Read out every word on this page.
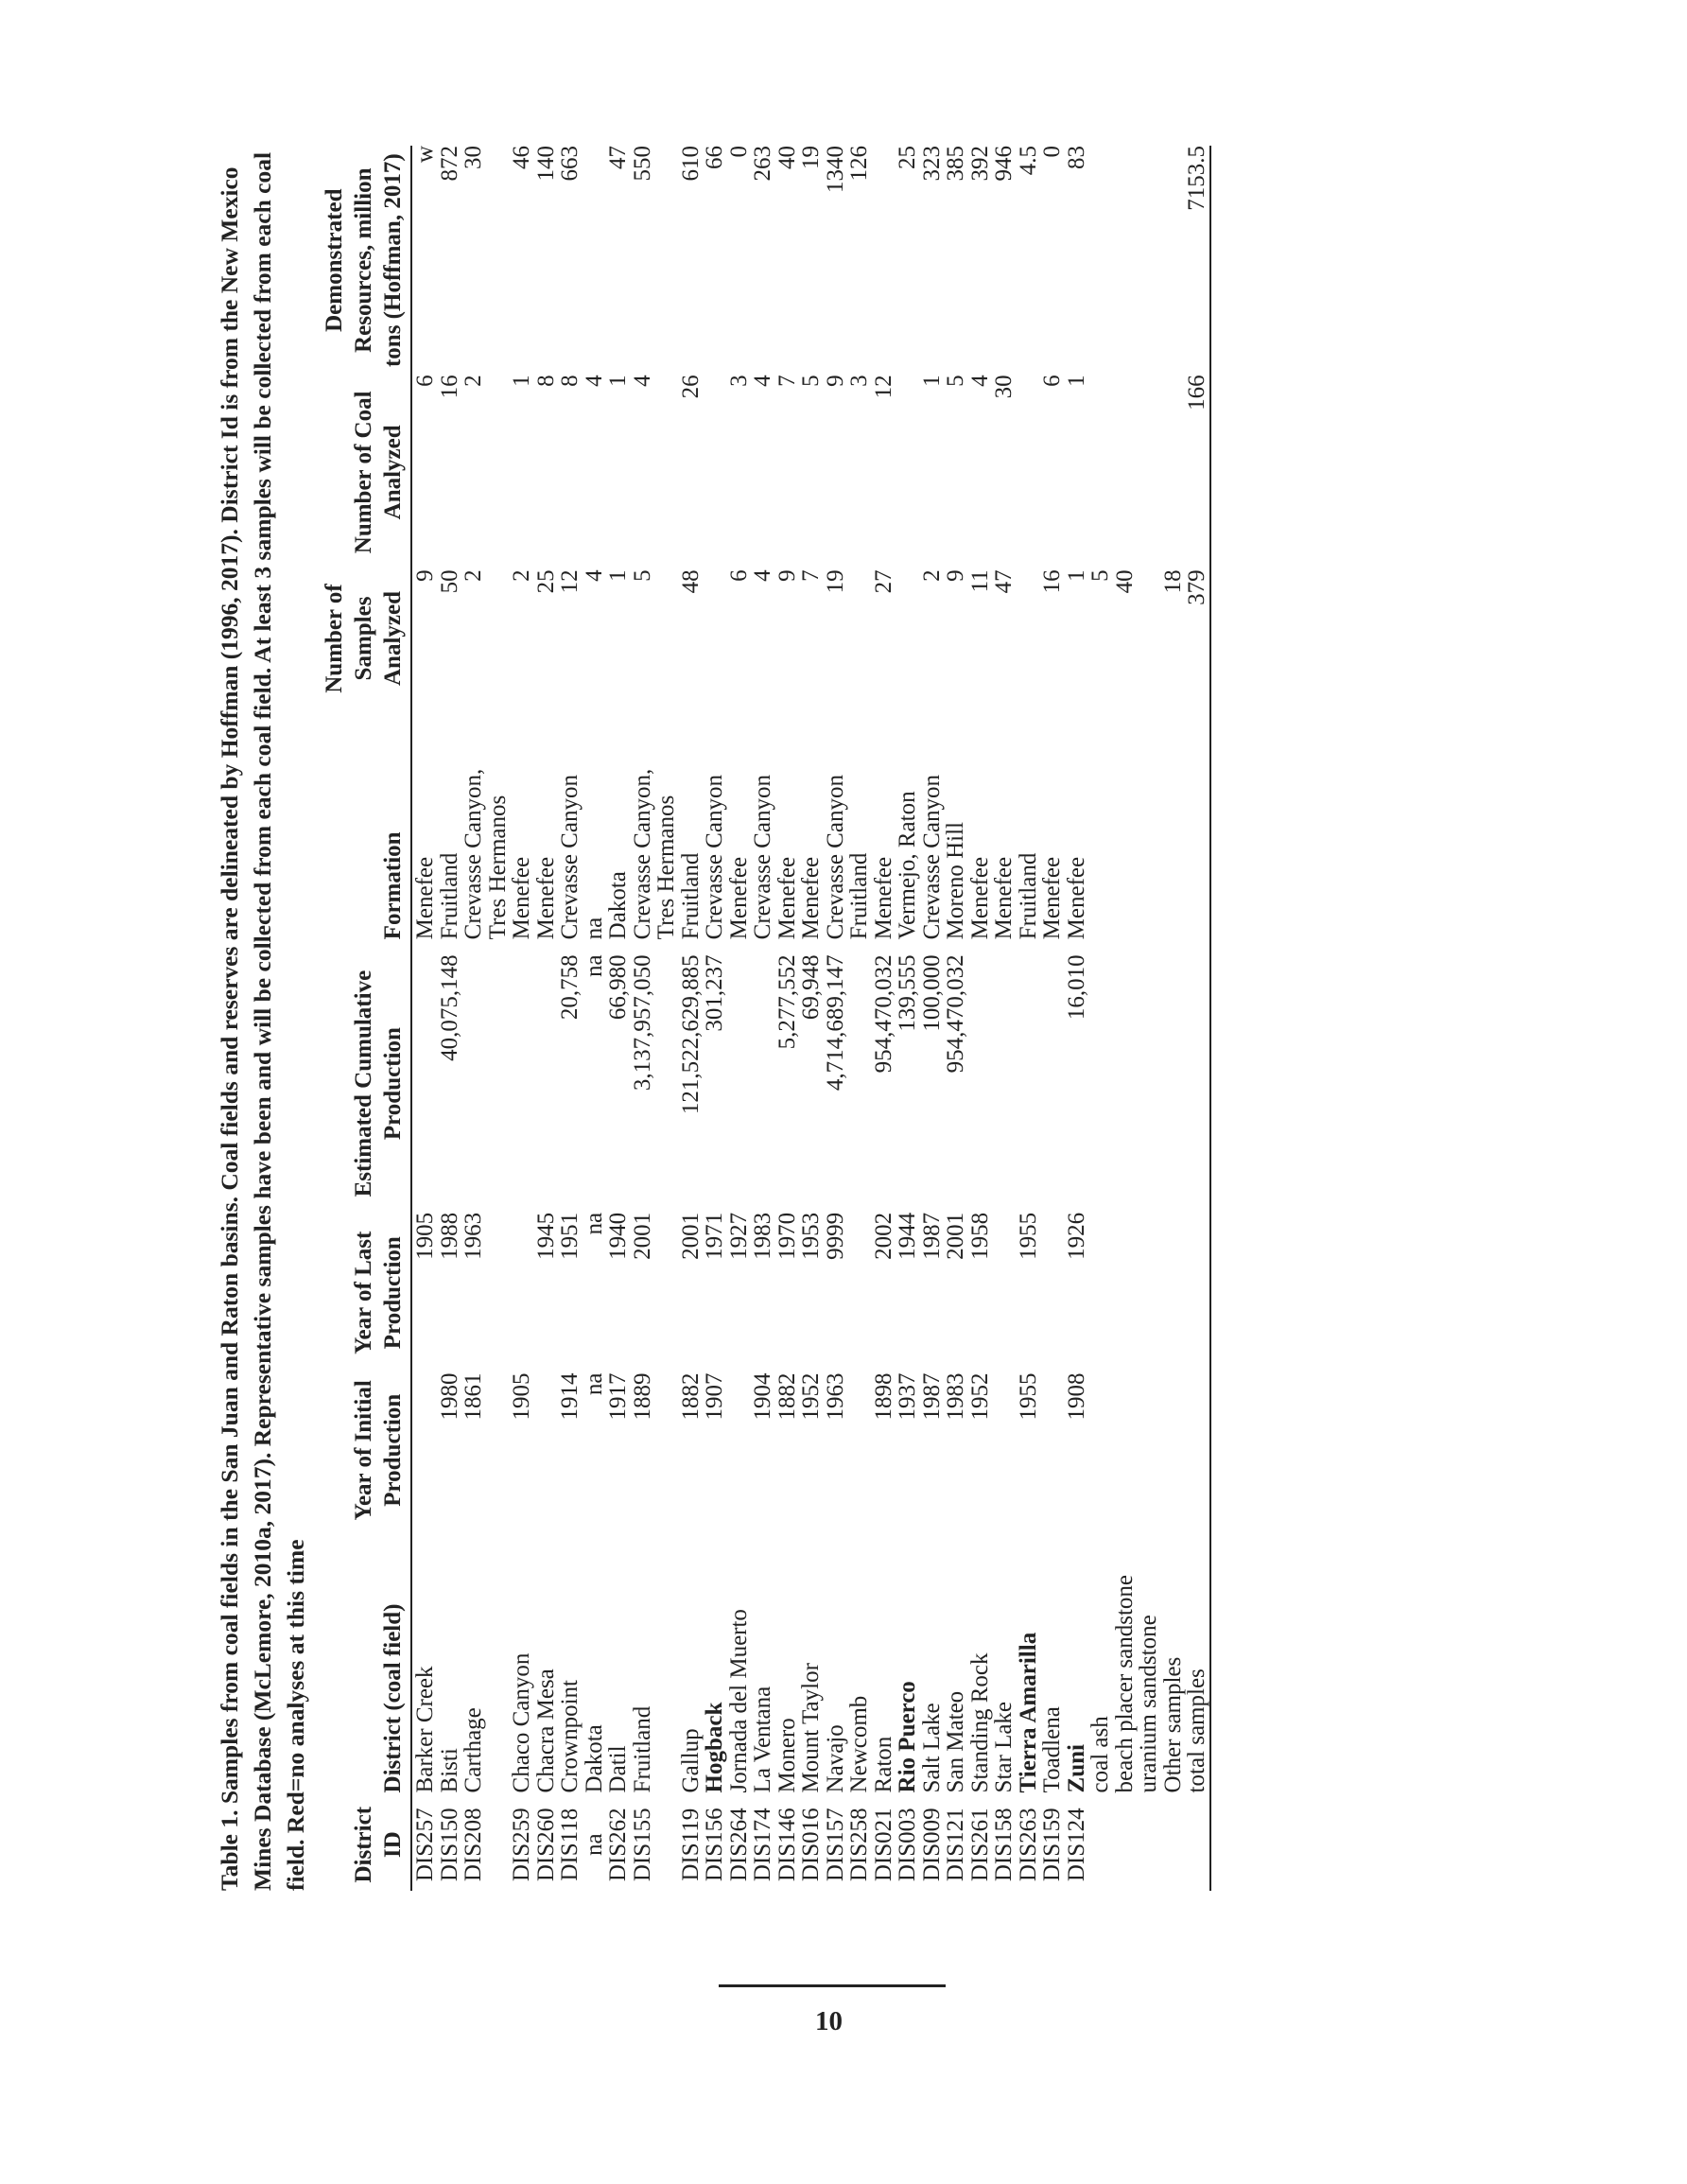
10

Table 1. Samples from coal fields in the San Juan and Raton basins. Coal fields and reserves are delineated by Hoffman (1996, 2017). District Id is from the New Mexico Mines Database (McLemore, 2010a, 2017). Representative samples have been and will be collected from each coal field. At least 3 samples will be collected from each coal field. Red=no analyses at this time District ID	District (coal field)	Year of Initial Production	Year of Last Production	Estimated Cumulative Production	Formation	Number of Samples Analyzed	Number of Coal Analyzed	Demonstrated Resources, million tons (Hoffman, 2017)
DIS257	Barker Creek		1905		Menefee	9	6	w
DIS150	Bisti	1980	1988	40,075,148	Fruitland	50	16	872
DIS208	Carthage	1861	1963		Crevasse Canyon,	2	2	30
					Tres Hermanos			
DIS259	Chaco Canyon	1905			Menefee	2	1	46
DIS260	Chacra Mesa		1945		Menefee	25	8	140
DIS118	Crownpoint	1914	1951	20,758	Crevasse Canyon	12	8	663
na	Dakota	na	na	na	na	4	4	
DIS262	Datil	1917	1940	66,980	Dakota	1	1	47
DIS155	Fruitland	1889	2001	3,137,957,050	Crevasse Canyon,	5	4	550
					Tres Hermanos			
DIS119	Gallup	1882	2001	121,522,629,885	Fruitland	48	26	610
DIS156	Hogback	1907	1971	301,237	Crevasse Canyon			66
DIS264	Jornada del Muerto		1927		Menefee	6	3	0
DIS174	La Ventana	1904	1983		Crevasse Canyon	4	4	263
DIS146	Monero	1882	1970	5,277,552	Menefee	9	7	40
DIS016	Mount Taylor	1952	1953	69,948	Menefee	7	5	19
DIS157	Navajo	1963	9999	4,714,689,147	Crevasse Canyon	19	9	1340
DIS258	Newcomb				Fruitland		3	126
DIS021	Raton	1898	2002	954,470,032	Menefee	27	12	
DIS003	Rio Puerco	1937	1944	139,555	Vermejo, Raton			25
DIS009	Salt Lake	1987	1987	100,000	Crevasse Canyon	2	1	323
DIS121	San Mateo	1983	2001	954,470,032	Moreno Hill	9	5	385
DIS261	Standing Rock	1952	1958		Menefee	11	4	392
DIS158	Star Lake				Menefee	47	30	946
DIS263	Tierra Amarilla	1955	1955		Fruitland			4.5
DIS159	Toadlena				Menefee	16	6	0
DIS124	Zuni	1908	1926	16,010	Menefee	1	1	83
	coal ash					5		
	beach placer sandstone					40		
	uranium sandstone							
	Other samples					18		
	total samples					379	166	7153.5
